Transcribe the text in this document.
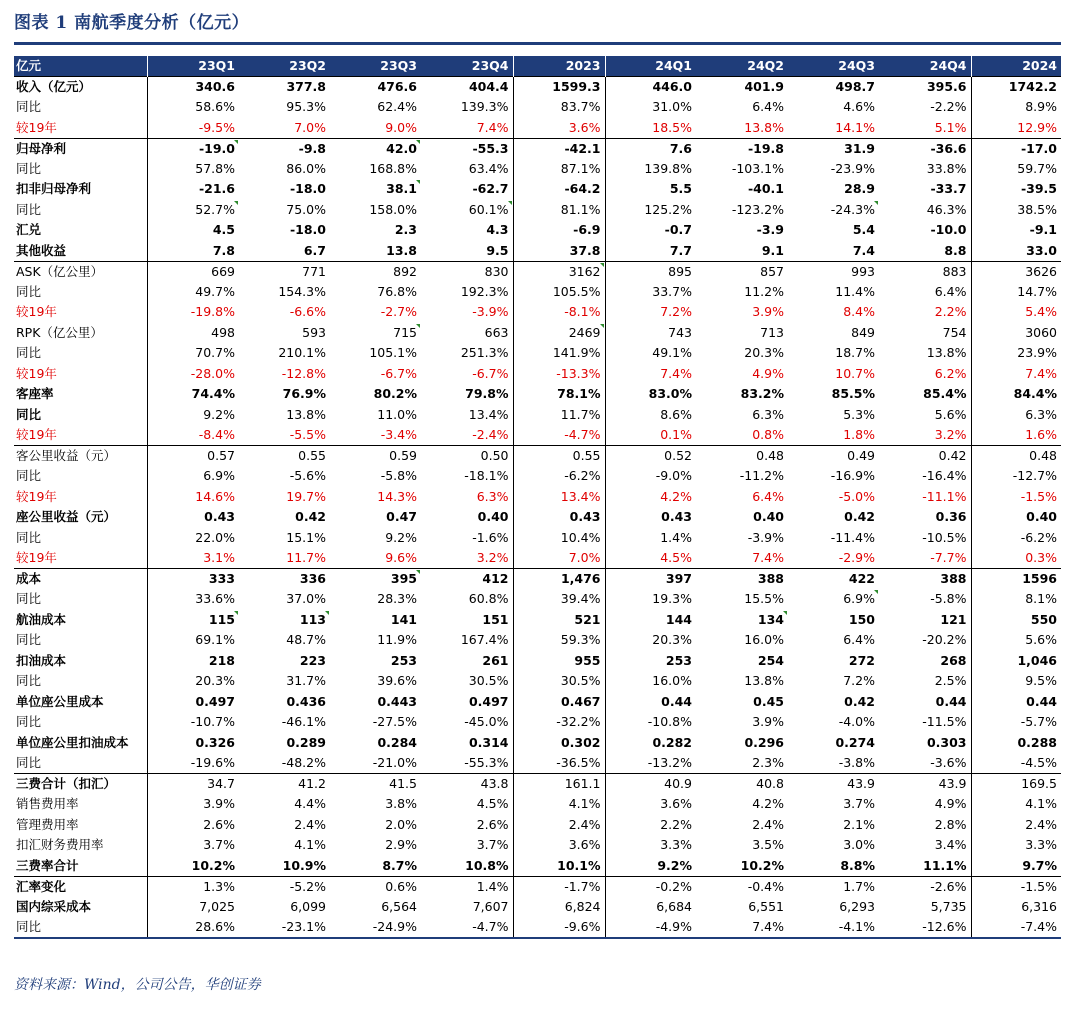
图表 1 南航季度分析（亿元）
亿元	23Q1	23Q2	23Q3	23Q4	2023	24Q1	24Q2	24Q3	24Q4	2024
收入（亿元）	340.6	377.8	476.6	404.4	1599.3	446.0	401.9	498.7	395.6	1742.2
同比	58.6%	95.3%	62.4%	139.3%	83.7%	31.0%	6.4%	4.6%	-2.2%	8.9%
较19年	-9.5%	7.0%	9.0%	7.4%	3.6%	18.5%	13.8%	14.1%	5.1%	12.9%
归母净利	-19.0	-9.8	42.0	-55.3	-42.1	7.6	-19.8	31.9	-36.6	-17.0
同比	57.8%	86.0%	168.8%	63.4%	87.1%	139.8%	-103.1%	-23.9%	33.8%	59.7%
扣非归母净利	-21.6	-18.0	38.1	-62.7	-64.2	5.5	-40.1	28.9	-33.7	-39.5
同比	52.7%	75.0%	158.0%	60.1%	81.1%	125.2%	-123.2%	-24.3%	46.3%	38.5%
汇兑	4.5	-18.0	2.3	4.3	-6.9	-0.7	-3.9	5.4	-10.0	-9.1
其他收益	7.8	6.7	13.8	9.5	37.8	7.7	9.1	7.4	8.8	33.0
ASK（亿公里）	669	771	892	830	3162	895	857	993	883	3626
同比	49.7%	154.3%	76.8%	192.3%	105.5%	33.7%	11.2%	11.4%	6.4%	14.7%
较19年	-19.8%	-6.6%	-2.7%	-3.9%	-8.1%	7.2%	3.9%	8.4%	2.2%	5.4%
RPK（亿公里）	498	593	715	663	2469	743	713	849	754	3060
同比	70.7%	210.1%	105.1%	251.3%	141.9%	49.1%	20.3%	18.7%	13.8%	23.9%
较19年	-28.0%	-12.8%	-6.7%	-6.7%	-13.3%	7.4%	4.9%	10.7%	6.2%	7.4%
客座率	74.4%	76.9%	80.2%	79.8%	78.1%	83.0%	83.2%	85.5%	85.4%	84.4%
同比	9.2%	13.8%	11.0%	13.4%	11.7%	8.6%	6.3%	5.3%	5.6%	6.3%
较19年	-8.4%	-5.5%	-3.4%	-2.4%	-4.7%	0.1%	0.8%	1.8%	3.2%	1.6%
客公里收益（元）	0.57	0.55	0.59	0.50	0.55	0.52	0.48	0.49	0.42	0.48
同比	6.9%	-5.6%	-5.8%	-18.1%	-6.2%	-9.0%	-11.2%	-16.9%	-16.4%	-12.7%
较19年	14.6%	19.7%	14.3%	6.3%	13.4%	4.2%	6.4%	-5.0%	-11.1%	-1.5%
座公里收益（元）	0.43	0.42	0.47	0.40	0.43	0.43	0.40	0.42	0.36	0.40
同比	22.0%	15.1%	9.2%	-1.6%	10.4%	1.4%	-3.9%	-11.4%	-10.5%	-6.2%
较19年	3.1%	11.7%	9.6%	3.2%	7.0%	4.5%	7.4%	-2.9%	-7.7%	0.3%
成本	333	336	395	412	1,476	397	388	422	388	1596
同比	33.6%	37.0%	28.3%	60.8%	39.4%	19.3%	15.5%	6.9%	-5.8%	8.1%
航油成本	115	113	141	151	521	144	134	150	121	550
同比	69.1%	48.7%	11.9%	167.4%	59.3%	20.3%	16.0%	6.4%	-20.2%	5.6%
扣油成本	218	223	253	261	955	253	254	272	268	1,046
同比	20.3%	31.7%	39.6%	30.5%	30.5%	16.0%	13.8%	7.2%	2.5%	9.5%
单位座公里成本	0.497	0.436	0.443	0.497	0.467	0.44	0.45	0.42	0.44	0.44
同比	-10.7%	-46.1%	-27.5%	-45.0%	-32.2%	-10.8%	3.9%	-4.0%	-11.5%	-5.7%
单位座公里扣油成本	0.326	0.289	0.284	0.314	0.302	0.282	0.296	0.274	0.303	0.288
同比	-19.6%	-48.2%	-21.0%	-55.3%	-36.5%	-13.2%	2.3%	-3.8%	-3.6%	-4.5%
三费合计（扣汇）	34.7	41.2	41.5	43.8	161.1	40.9	40.8	43.9	43.9	169.5
销售费用率	3.9%	4.4%	3.8%	4.5%	4.1%	3.6%	4.2%	3.7%	4.9%	4.1%
管理费用率	2.6%	2.4%	2.0%	2.6%	2.4%	2.2%	2.4%	2.1%	2.8%	2.4%
扣汇财务费用率	3.7%	4.1%	2.9%	3.7%	3.6%	3.3%	3.5%	3.0%	3.4%	3.3%
三费率合计	10.2%	10.9%	8.7%	10.8%	10.1%	9.2%	10.2%	8.8%	11.1%	9.7%
汇率变化	1.3%	-5.2%	0.6%	1.4%	-1.7%	-0.2%	-0.4%	1.7%	-2.6%	-1.5%
国内综采成本	7,025	6,099	6,564	7,607	6,824	6,684	6,551	6,293	5,735	6,316
同比	28.6%	-23.1%	-24.9%	-4.7%	-9.6%	-4.9%	7.4%	-4.1%	-12.6%	-7.4%
资料来源：Wind，公司公告，华创证券
